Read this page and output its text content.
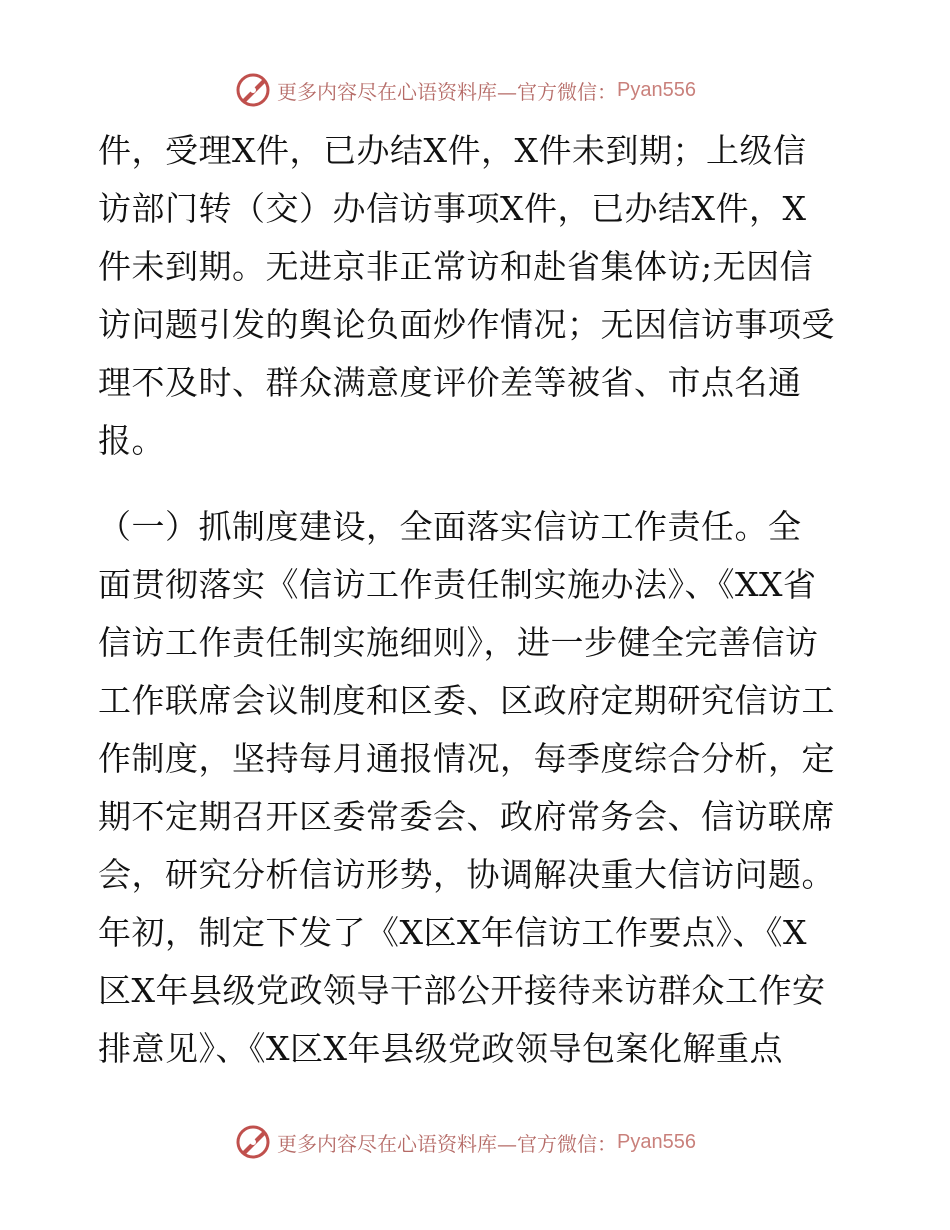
更多内容尽在心语资料库—官方微信： Pyan556
件，受理X件，已办结X件，X件未到期；上级信
访部门转（交）办信访事项X件，已办结X件，X
件未到期。无进京非正常访和赴省集体访;无因信
访问题引发的舆论负面炒作情况；无因信访事项受
理不及时、群众满意度评价差等被省、市点名通
报。
（一）抓制度建设，全面落实信访工作责任。全
面贯彻落实《信访工作责任制实施办法》、《XX省
信访工作责任制实施细则》，进一步健全完善信访
工作联席会议制度和区委、区政府定期研究信访工
作制度，坚持每月通报情况，每季度综合分析，定
期不定期召开区委常委会、政府常务会、信访联席
会，研究分析信访形势，协调解决重大信访问题。
年初，制定下发了《X区X年信访工作要点》、《X
区X年县级党政领导干部公开接待来访群众工作安
排意见》、《X区X年县级党政领导包案化解重点
更多内容尽在心语资料库—官方微信： Pyan556
